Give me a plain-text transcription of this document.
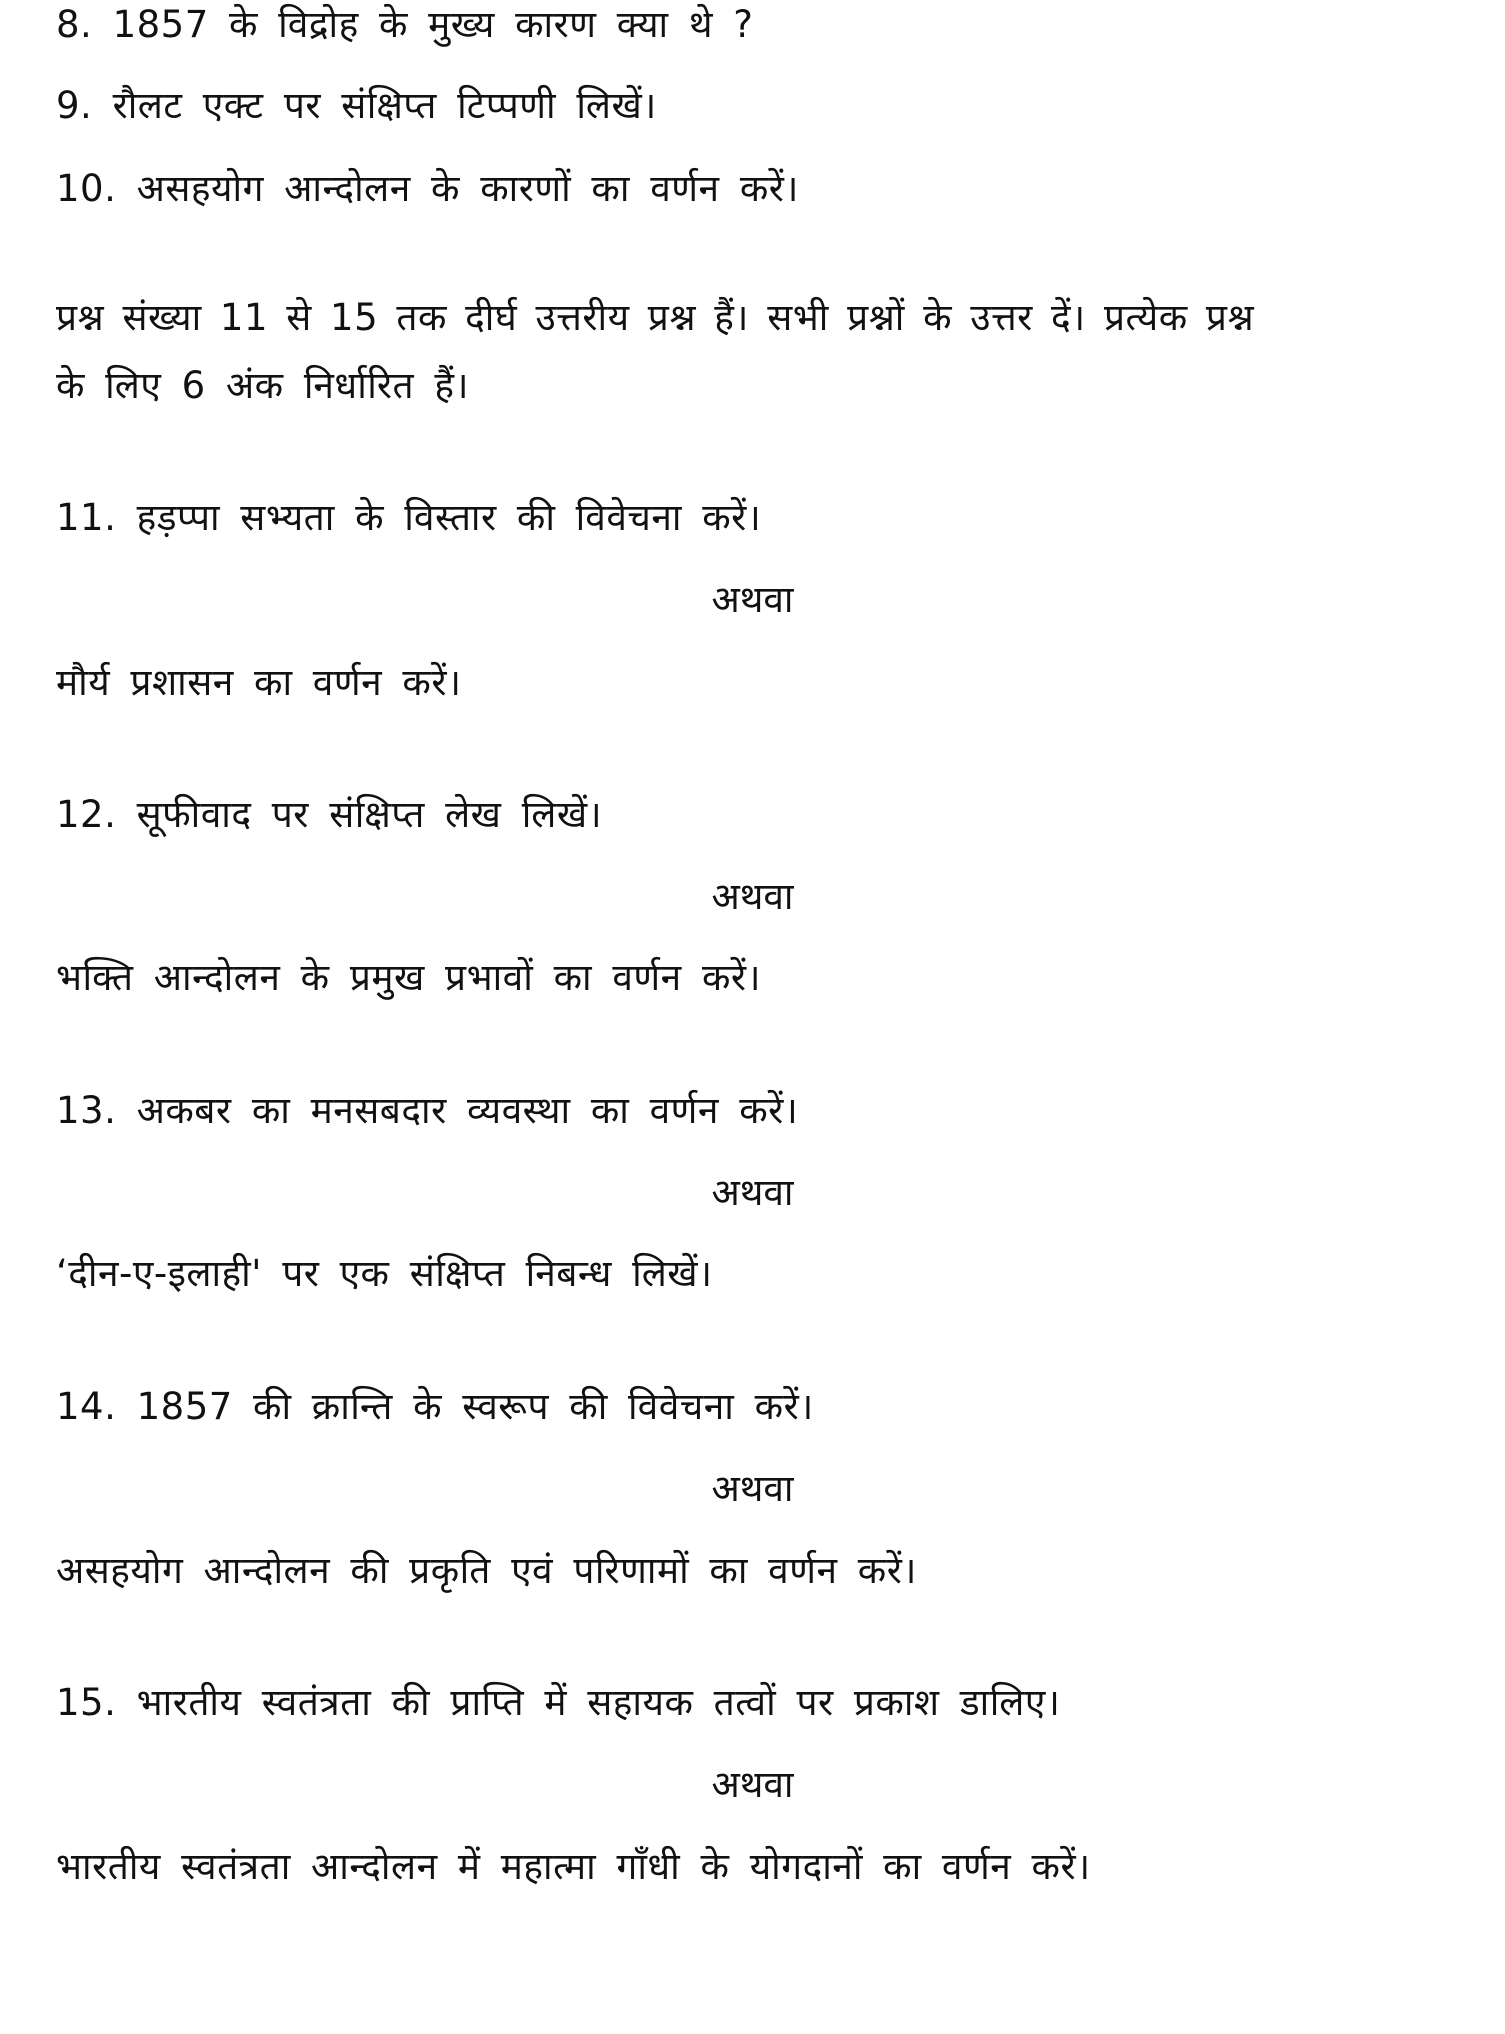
8. 1857 के विद्रोह के मुख्य कारण क्या थे ?
9. रौलट एक्ट पर संक्षिप्त टिप्पणी लिखें।
10. असहयोग आन्दोलन के कारणों का वर्णन करें।
प्रश्न संख्या 11 से 15 तक दीर्घ उत्तरीय प्रश्न हैं। सभी प्रश्नों के उत्तर दें। प्रत्येक प्रश्न
के लिए 6 अंक निर्धारित हैं।
11. हड़प्पा सभ्यता के विस्तार की विवेचना करें।
अथवा
मौर्य प्रशासन का वर्णन करें।
12. सूफीवाद पर संक्षिप्त लेख लिखें।
अथवा
भक्ति आन्दोलन के प्रमुख प्रभावों का वर्णन करें।
13. अकबर का मनसबदार व्यवस्था का वर्णन करें।
अथवा
‘दीन-ए-इलाही' पर एक संक्षिप्त निबन्ध लिखें।
14. 1857 की क्रान्ति के स्वरूप की विवेचना करें।
अथवा
असहयोग आन्दोलन की प्रकृति एवं परिणामों का वर्णन करें।
15. भारतीय स्वतंत्रता की प्राप्ति में सहायक तत्वों पर प्रकाश डालिए।
अथवा
भारतीय स्वतंत्रता आन्दोलन में महात्मा गाँधी के योगदानों का वर्णन करें।
